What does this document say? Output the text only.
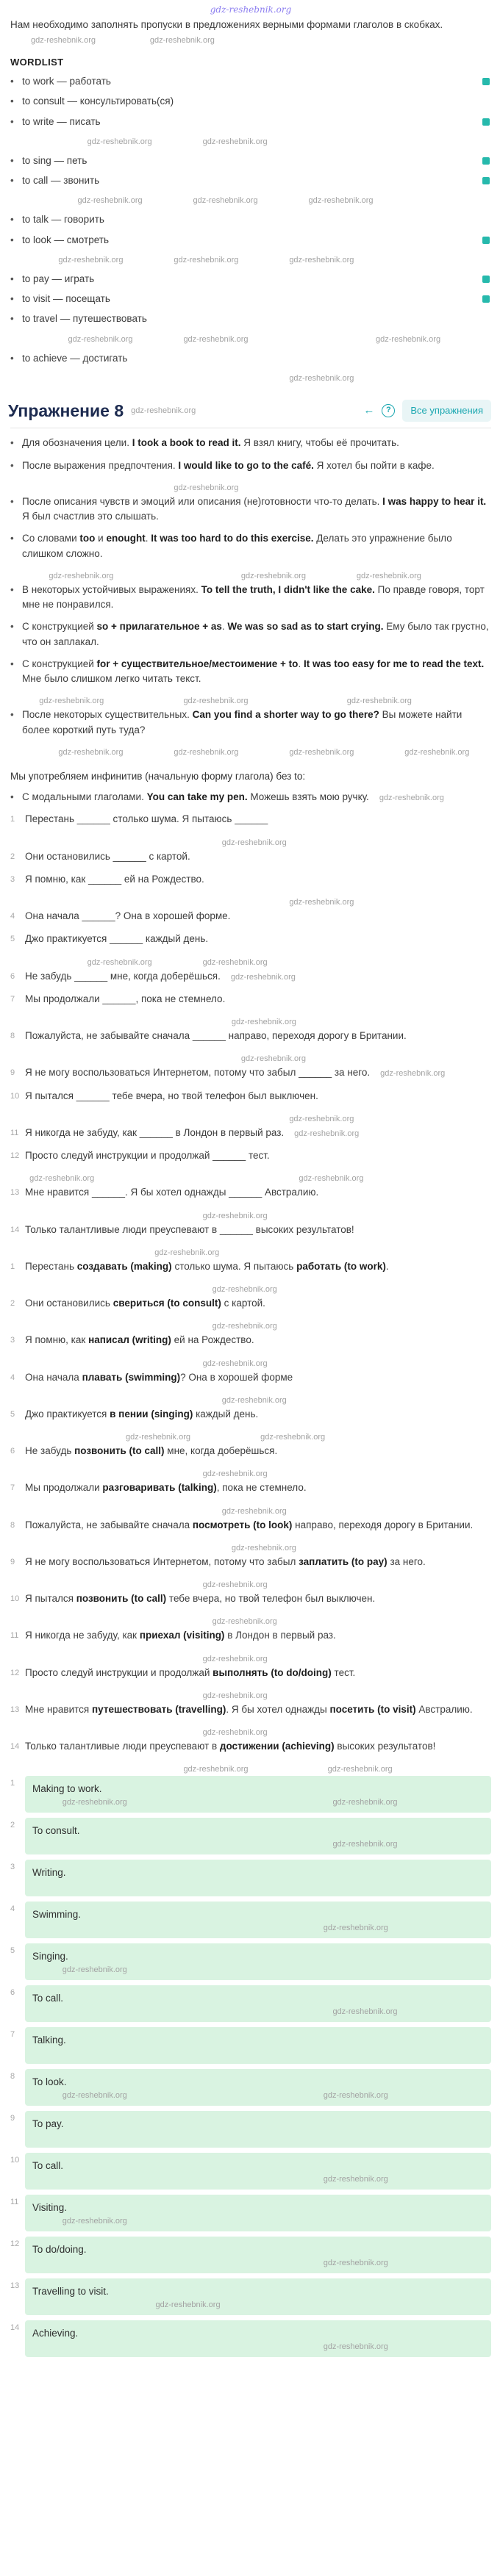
gdz-reshebnik.org

Нам необходимо заполнять пропуски в предложениях верными формами глаголов в скобках. gdz-reshebnik.org	gdz-reshebnik.org

WORDLIST
• to work — работать
• to consult — консультировать(ся)
• to write — писать
gdz-reshebnik.org	gdz-reshebnik.org
• to sing — петь
• to call — звонить
gdz-reshebnik.org	gdz-reshebnik.org	gdz-reshebnik.org
• to talk — говорить
• to look — смотреть
gdz-reshebnik.org	gdz-reshebnik.org	gdz-reshebnik.org
• to pay — играть
• to visit — посещать
• to travel — путешествовать
gdz-reshebnik.org	gdz-reshebnik.org	gdz-reshebnik.org
• to achieve — достигать
gdz-reshebnik.org
Упражнение 8 gdz-reshebnik.org	←	?	Все упражнения
• Для обозначения цели. I took a book to read it. Я взял книгу, чтобы её прочитать.
• После выражения предпочтения. I would like to go to the café. Я хотел бы пойти в кафе.
gdz-reshebnik.org
• После описания чувств и эмоций или описания (не)готовности что-то делать. I was happy to hear it. Я был счастлив это слышать.
• Со словами too и enought. It was too hard to do this exercise. Делать это упражнение было слишком сложно.
gdz-reshebnik.org	gdz-reshebnik.org	gdz-reshebnik.org
• В некоторых устойчивых выражениях. To tell the truth, I didn't like the cake. По правде говоря, торт мне не понравился.
• С конструкцией so + прилагательное + as. We was so sad as to start crying. Ему было так грустно, что он заплакал.
• С конструкцией for + существительное/местоимение + to. It was too easy for me to read the text. Мне было слишком легко читать текст.
gdz-reshebnik.org	gdz-reshebnik.org	gdz-reshebnik.org
• После некоторых существительных. Can you find a shorter way to go there? Вы можете найти более короткий путь туда?
gdz-reshebnik.org	gdz-reshebnik.org	gdz-reshebnik.org	gdz-reshebnik.org

Мы употребляем инфинитив (начальную форму глагола) без to:

• С модальными глаголами. You can take my pen. Можешь взять мою ручку. gdz-reshebnik.org
1	Перестань ______ столько шума. Я пытаюсь ______
gdz-reshebnik.org
2	Они остановились ______ с картой.
3	Я помню, как ______ ей на Рождество.
gdz-reshebnik.org
4	Она начала ______? Она в хорошей форме.
5	Джо практикуется ______ каждый день.
gdz-reshebnik.org	gdz-reshebnik.org
6	Не забудь ______ мне, когда доберёшься. gdz-reshebnik.org
7	Мы продолжали ______, пока не стемнело.
gdz-reshebnik.org
8	Пожалуйста, не забывайте сначала ______ направо, переходя дорогу в Британии.
gdz-reshebnik.org
9	Я не могу воспользоваться Интернетом, потому что забыл ______ за него. gdz-reshebnik.org
10 Я пытался ______ тебе вчера, но твой телефон был выключен.
gdz-reshebnik.org
11 Я никогда не забуду, как ______ в Лондон в первый раз. gdz-reshebnik.org
12 Просто следуй инструкции и продолжай ______ тест.
gdz-reshebnik.org	gdz-reshebnik.org
13 Мне нравится ______. Я бы хотел однажды ______ Австралию.
gdz-reshebnik.org
14 Только талантливые люди преуспевают в ______ высоких результатов!
gdz-reshebnik.org
1	Перестань создавать (making) столько шума. Я пытаюсь работать (to work).
gdz-reshebnik.org
2	Они остановились свериться (to consult) с картой.
gdz-reshebnik.org
3	Я помню, как написал (writing) ей на Рождество.
gdz-reshebnik.org
4	Она начала плавать (swimming)? Она в хорошей форме
gdz-reshebnik.org
5	Джо практикуется в пении (singing) каждый день.
gdz-reshebnik.org	gdz-reshebnik.org
6	Не забудь позвонить (to call) мне, когда доберёшься.
gdz-reshebnik.org
7	Мы продолжали разговаривать (talking), пока не стемнело.
gdz-reshebnik.org
8	Пожалуйста, не забывайте сначала посмотреть (to look) направо, переходя дорогу в Британии.
gdz-reshebnik.org
9	Я не могу воспользоваться Интернетом, потому что забыл заплатить (to pay) за него.
gdz-reshebnik.org
10 Я пытался позвонить (to call) тебе вчера, но твой телефон был выключен.
gdz-reshebnik.org
11 Я никогда не забуду, как приехал (visiting) в Лондон в первый раз.
gdz-reshebnik.org
12 Просто следуй инструкции и продолжай выполнять (to do/doing) тест.
gdz-reshebnik.org
13 Мне нравится путешествовать (travelling). Я бы хотел однажды посетить (to visit) Австралию.
gdz-reshebnik.org
14 Только талантливые люди преуспевают в достижении (achieving) высоких результатов!
gdz-reshebnik.org	gdz-reshebnik.org
1	Making to work.
gdz-reshebnik.org	gdz-reshebnik.org
2	To consult.
gdz-reshebnik.org
3	Writing.
4	Swimming.
gdz-reshebnik.org
5	Singing.
gdz-reshebnik.org
6	To call.
gdz-reshebnik.org
7	Talking.
8	To look.
gdz-reshebnik.org	gdz-reshebnik.org
9	To pay.
10	To call.
gdz-reshebnik.org
11	Visiting.
gdz-reshebnik.org
12	To do/doing.
gdz-reshebnik.org
13	Travelling to visit.
gdz-reshebnik.org
14	Achieving.
gdz-reshebnik.org
